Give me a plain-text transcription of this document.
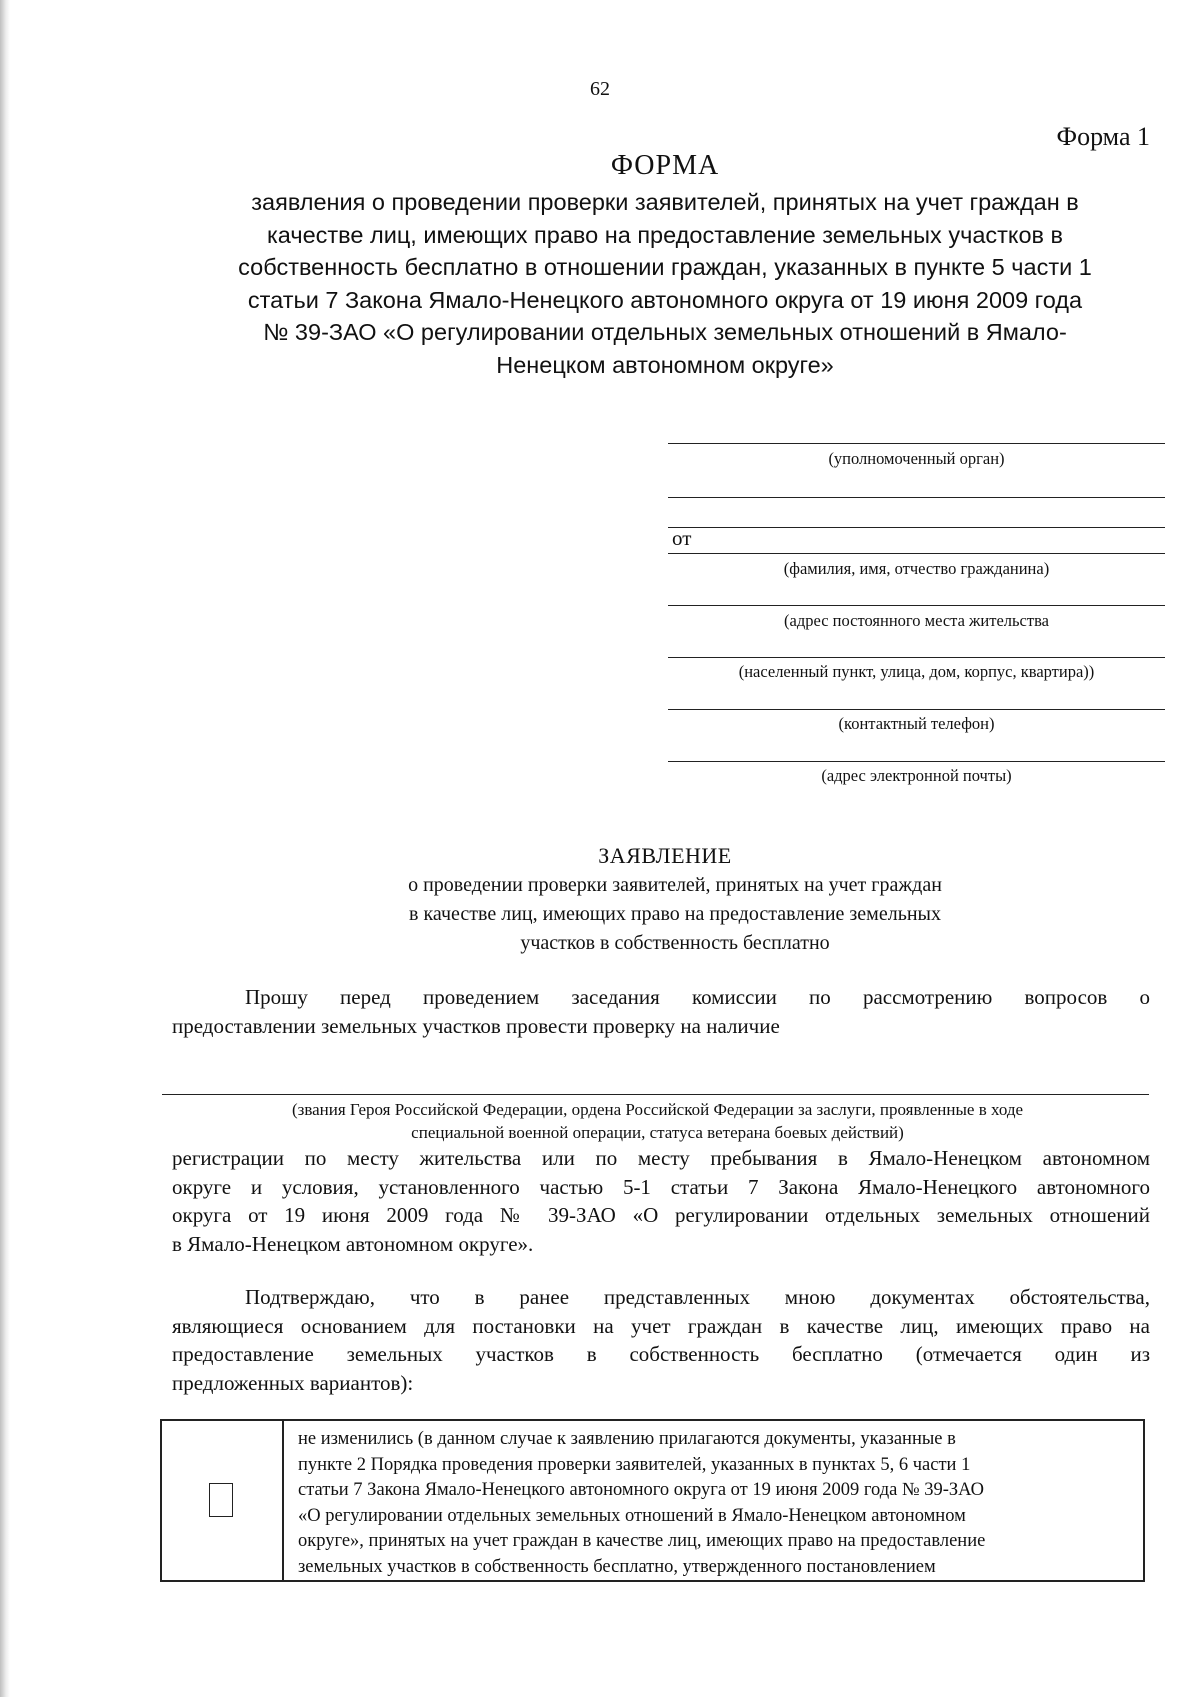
62
Форма 1
ФОРМА
заявления о проведении проверки заявителей, принятых на учет граждан в
качестве лиц, имеющих право на предоставление земельных участков в
собственность бесплатно в отношении граждан, указанных в пункте 5 части 1
статьи 7 Закона Ямало-Ненецкого автономного округа от 19 июня 2009 года
№ 39-ЗАО «О регулировании отдельных земельных отношений в Ямало-
Ненецком автономном округе»
(уполномоченный орган)
от
(фамилия, имя, отчество гражданина)
(адрес постоянного места жительства
(населенный пункт, улица, дом, корпус, квартира))
(контактный телефон)
(адрес электронной почты)
ЗАЯВЛЕНИЕ
о проведении проверки заявителей, принятых на учет граждан
в качестве лиц, имеющих право на предоставление земельных
участков в собственность бесплатно
Прошу перед проведением заседания комиссии по рассмотрению вопросов о
предоставлении земельных участков провести проверку на наличие
(звания Героя Российской Федерации, ордена Российской Федерации за заслуги, проявленные в ходе
специальной военной операции, статуса ветерана боевых действий)
регистрации по месту жительства или по месту пребывания в Ямало-Ненецком автономном
округе и условия, установленного частью 5-1 статьи 7 Закона Ямало-Ненецкого автономного
округа от 19 июня 2009 года № 39-ЗАО «О регулировании отдельных земельных отношений
в Ямало-Ненецком автономном округе».
Подтверждаю, что в ранее представленных мною документах обстоятельства,
являющиеся основанием для постановки на учет граждан в качестве лиц, имеющих право на
предоставление земельных участков в собственность бесплатно (отмечается один из
предложенных вариантов):
не изменились (в данном случае к заявлению прилагаются документы, указанные в
пункте 2 Порядка проведения проверки заявителей, указанных в пунктах 5, 6 части 1
статьи 7 Закона Ямало-Ненецкого автономного округа от 19 июня 2009 года № 39-ЗАО
«О регулировании отдельных земельных отношений в Ямало-Ненецком автономном
округе», принятых на учет граждан в качестве лиц, имеющих право на предоставление
земельных участков в собственность бесплатно, утвержденного постановлением
